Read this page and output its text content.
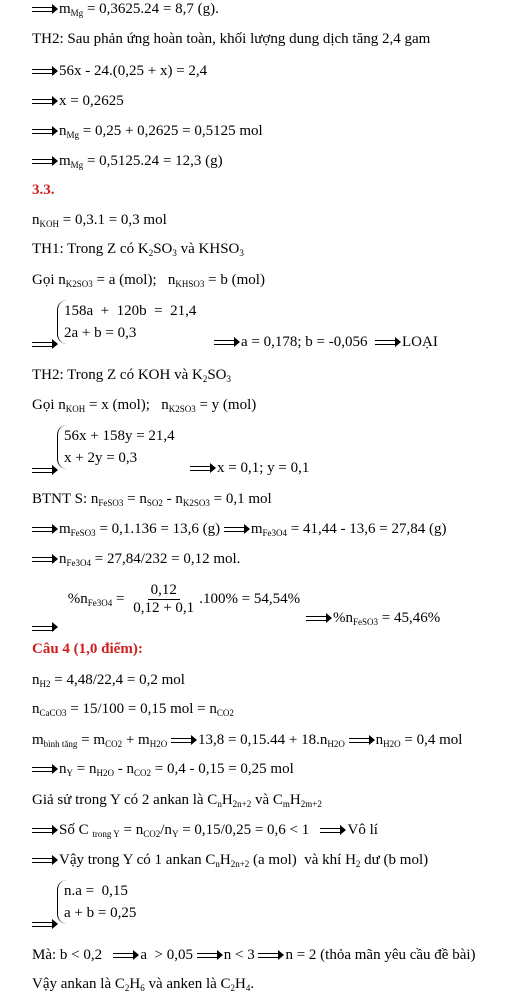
$m_{Mg} = 0,3625.24 = 8,7$ (g).
TH2: Sau phản ứng hoàn toàn, khối lượng dung dịch tăng 2,4 gam
56x - 24.(0,25 + x) = 2,4
x = 0,2625
$n_{Mg} = 0,25 + 0,2625 = 0,5125$ mol
$m_{Mg} = 0,5125.24 = 12,3$ (g)
3.3.
$n_{KOH} = 0,3.1 = 0,3$ mol
TH1: Trong Z có $K_2SO_3$ và $KHSO_3$
Gọi $n_{K2SO3} = a$ (mol);   $n_{KHSO3} = b$ (mol)
158a  +  120b  =  21,4
2a + b = 0,3
a = 0,178; b = -0,056 LOẠI
TH2: Trong Z có KOH và $K_2SO_3$
Gọi $n_{KOH} = x$ (mol);   $n_{K2SO3} = y$ (mol)
56x + 158y = 21,4
x + 2y = 0,3
x = 0,1; y = 0,1
BTNT S: $n_{FeSO3} = n_{SO2} - n_{K2SO3} = 0,1$ mol
$m_{FeSO3} = 0,1.136 = 13,6$ (g) $m_{Fe3O4} = 41,44 - 13,6 = 27,84$ (g)
$n_{Fe3O4} = 27,84/232 = 0,12$ mol.
$\%n_{Fe3O4} = \frac{0,12}{0,12 + 0,1} .100\% = 54,54\%$
$\%n_{FeSO3} = 45,46\%$
Câu 4 (1,0 điểm):
$n_{H2} = 4,48/22,4 = 0,2$ mol
$n_{CaCO3} = 15/100 = 0,15$ mol = $n_{CO2}$
$m_{bình tăng} = m_{CO2} + m_{H2O}$ $13,8 = 0,15.44 + 18.n_{H2O}$ $n_{H2O} = 0,4$ mol
$n_Y = n_{H2O} - n_{CO2} = 0,4 - 0,15 = 0,25$ mol
Giả sử trong Y có 2 ankan là $C_nH_{2n+2}$ và $C_mH_{2m+2}$
Số C $_{trong Y} = n_{CO2}/n_Y = 0,15/0,25 = 0,6 < 1$	Vô lí
Vậy trong Y có 1 ankan $C_nH_{2n+2}$ (a mol)  và khí $H_2$ dư (b mol)
n.a =  0,15
a + b = 0,25
Mà: b < 0,2	a  > 0,05 n < 3 n = 2 (thỏa mãn yêu cầu đề bài)
Vậy ankan là $C_2H_6$ và anken là $C_2H_4$.
